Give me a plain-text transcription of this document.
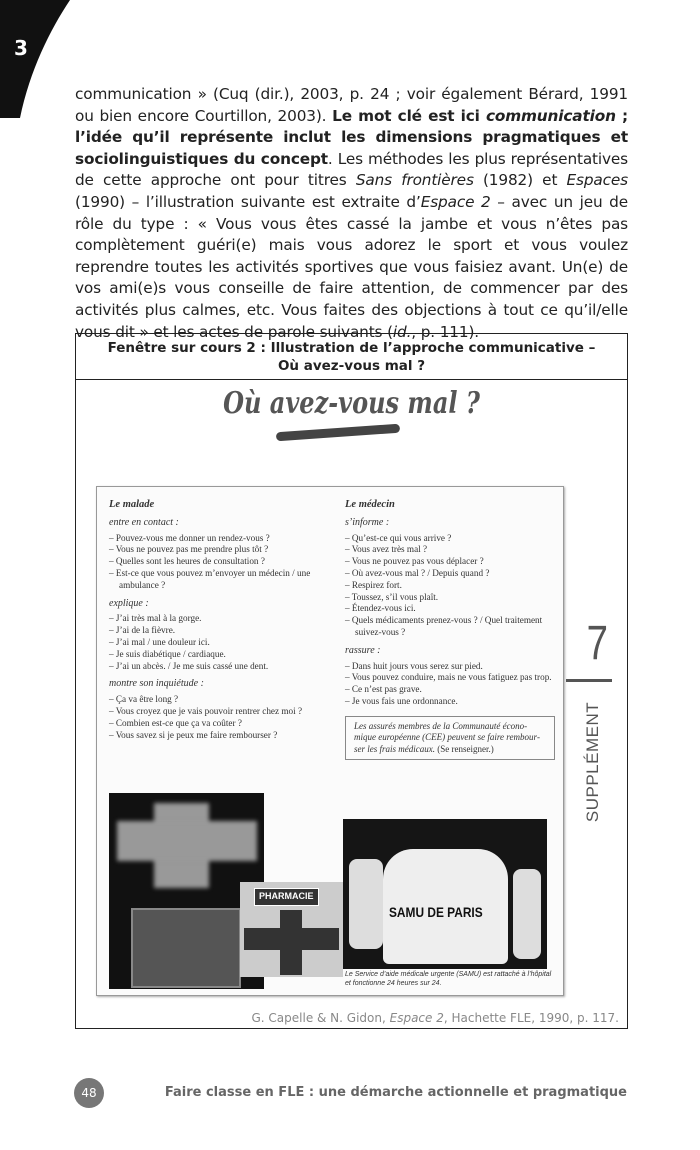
3

communication » (Cuq (dir.), 2003, p. 24 ; voir également Bérard, 1991 ou bien encore Courtillon, 2003). Le mot clé est ici communication ; l’idée qu’il représente inclut les dimensions pragmatiques et sociolinguistiques du concept. Les méthodes les plus représentatives de cette approche ont pour titres Sans frontières (1982) et Espaces (1990) – l’illustration suivante est extraite d’Espace 2 – avec un jeu de rôle du type : « Vous vous êtes cassé la jambe et vous n’êtes pas complètement guéri(e) mais vous adorez le sport et vous voulez reprendre toutes les activités sportives que vous faisiez avant. Un(e) de vos ami(e)s vous conseille de faire attention, de commencer par des activités plus calmes, etc. Vous faites des objections à tout ce qu’il/elle vous dit » et les actes de parole suivants (id., p. 111).

Fenêtre sur cours 2 : Illustration de l’approche communicative –
Où avez-vous mal ?
Où avez-vous mal ?
Le malade
entre en contact :
– Pouvez-vous me donner un rendez-vous ?
– Vous ne pouvez pas me prendre plus tôt ?
– Quelles sont les heures de consultation ?
– Est-ce que vous pouvez m’envoyer un médecin / une ambulance ?
explique :
– J’ai très mal à la gorge.
– J’ai de la fièvre.
– J’ai mal / une douleur ici.
– Je suis diabétique / cardiaque.
– J’ai un abcès. / Je me suis cassé une dent.
montre son inquiétude :
– Ça va être long ?
– Vous croyez que je vais pouvoir rentrer chez moi ?
– Combien est-ce que ça va coûter ?
– Vous savez si je peux me faire rembourser ?
Le médecin
s’informe :
– Qu’est-ce qui vous arrive ?
– Vous avez très mal ?
– Vous ne pouvez pas vous déplacer ?
– Où avez-vous mal ? / Depuis quand ?
– Respirez fort.
– Toussez, s’il vous plaît.
– Étendez-vous ici.
– Quels médicaments prenez-vous ? / Quel traitement suivez-vous ?
rassure :
– Dans huit jours vous serez sur pied.
– Vous pouvez conduire, mais ne vous fatiguez pas trop.
– Ce n’est pas grave.
– Je vous fais une ordonnance.
Les assurés membres de la Communauté économique européenne (CEE) peuvent se faire rembourser les frais médicaux. (Se renseigner.)
PHARMACIE
SAMU DE PARIS
Le Service d’aide médicale urgente (SAMU) est rattaché à l’hôpital et fonctionne 24 heures sur 24.
7
SUPPLÉMENT
G. Capelle & N. Gidon, Espace 2, Hachette FLE, 1990, p. 117.
48	Faire classe en FLE : une démarche actionnelle et pragmatique
